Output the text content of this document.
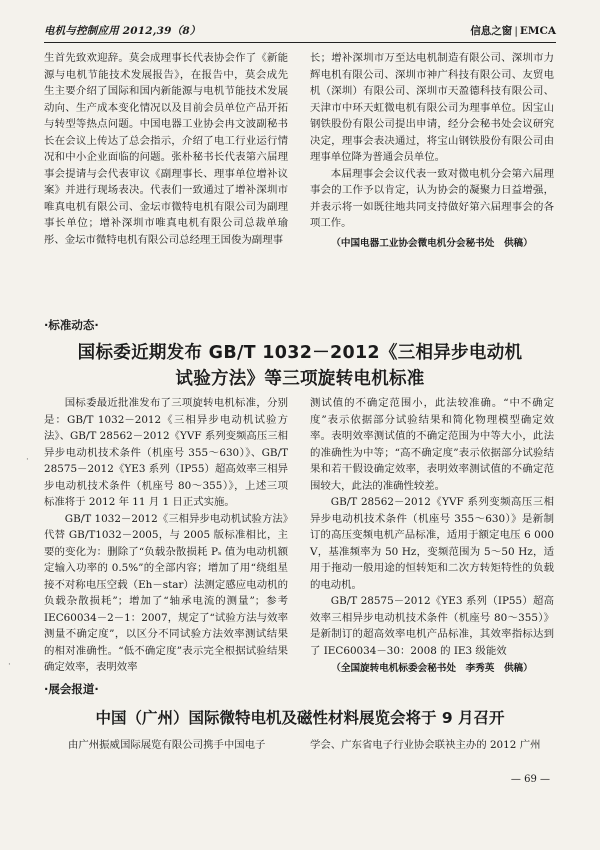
电机与控制应用 2012,39（8）	信息之窗 | EMCA

生首先致欢迎辞。莫会成理事长代表协会作了《新能源与电机节能技术发展报告》，在报告中，莫会成先生主要介绍了国际和国内新能源与电机节能技术发展动向、生产成本变化情况以及目前会员单位产品开拓与转型等热点问题。中国电器工业协会冉文波副秘书长在会议上传达了总会指示，介绍了电工行业运行情况和中小企业面临的问题。张朴秘书长代表第六届理事会提请与会代表审议《副理事长、理事单位增补议案》并进行现场表决。代表们一致通过了增补深圳市唯真电机有限公司、金坛市微特电机有限公司为副理事长单位；增补深圳市唯真电机有限公司总裁单瑜彤、金坛市微特电机有限公司总经理王国俊为副理事

长；增补深圳市万至达电机制造有限公司、深圳市力辉电机有限公司、深圳市神广科技有限公司、友贸电机（深圳）有限公司、深圳市天盈德科技有限公司、天津市中环天虹微电机有限公司为理事单位。因宝山钢铁股份有限公司提出申请，经分会秘书处会议研究决定，理事会表决通过，将宝山钢铁股份有限公司由理事单位降为普通会员单位。

本届理事会会议代表一致对微电机分会第六届理事会的工作予以肯定，认为协会的凝聚力日益增强，并表示将一如既往地共同支持做好第六届理事会的各项工作。

（中国电器工业协会微电机分会秘书处　供稿）

·标准动态·
国标委近期发布 GB/T 1032－2012《三相异步电动机
试验方法》等三项旋转电机标准

国标委最近批准发布了三项旋转电机标准，分别是：GB/T 1032－2012《三相异步电动机试验方法》、GB/T 28562－2012《YVF 系列变频高压三相异步电动机技术条件（机座号 355～630）》、GB/T 28575－2012《YE3 系列（IP55）超高效率三相异步电动机技术条件（机座号 80～355）》，上述三项标准将于 2012 年 11 月 1 日正式实施。

GB/T 1032－2012《三相异步电动机试验方法》代替 GB/T1032－2005，与 2005 版标准相比，主要的变化为：删除了“负载杂散损耗 Pₛ 值为电动机额定输入功率的 0.5%”的全部内容；增加了用“绕组星接不对称电压空载（Eh－star）法测定感应电动机的负载杂散损耗”；增加了“轴承电流的测量”；参考 IEC60034－2－1：2007，规定了“试验方法与效率测量不确定度”，以区分不同试验方法效率测试结果的相对准确性。“低不确定度”表示完全根据试验结果确定效率，表明效率

测试值的不确定范围小，此法较准确。“中不确定度”表示依据部分试验结果和简化物理模型确定效率。表明效率测试值的不确定范围为中等大小，此法的准确性为中等；“高不确定度”表示依据部分试验结果和若干假设确定效率，表明效率测试值的不确定范围较大，此法的准确性较差。

GB/T 28562－2012《YVF 系列变频高压三相异步电动机技术条件（机座号 355～630）》是新制订的高压变频电机产品标准，适用于额定电压 6 000 V，基准频率为 50 Hz，变频范围为 5～50 Hz，适用于拖动一般用途的恒转矩和二次方转矩特性的负载的电动机。

GB/T 28575－2012《YE3 系列（IP55）超高效率三相异步电动机技术条件（机座号 80～355）》是新制订的超高效率电机产品标准，其效率指标达到了 IEC60034－30：2008 的 IE3 级能效

（全国旋转电机标委会秘书处　李秀英　供稿）

·展会报道·
中国（广州）国际微特电机及磁性材料展览会将于 9 月召开
由广州振威国际展览有限公司携手中国电子	学会、广东省电子行业协会联袂主办的 2012 广州
— 69 —
·
·
